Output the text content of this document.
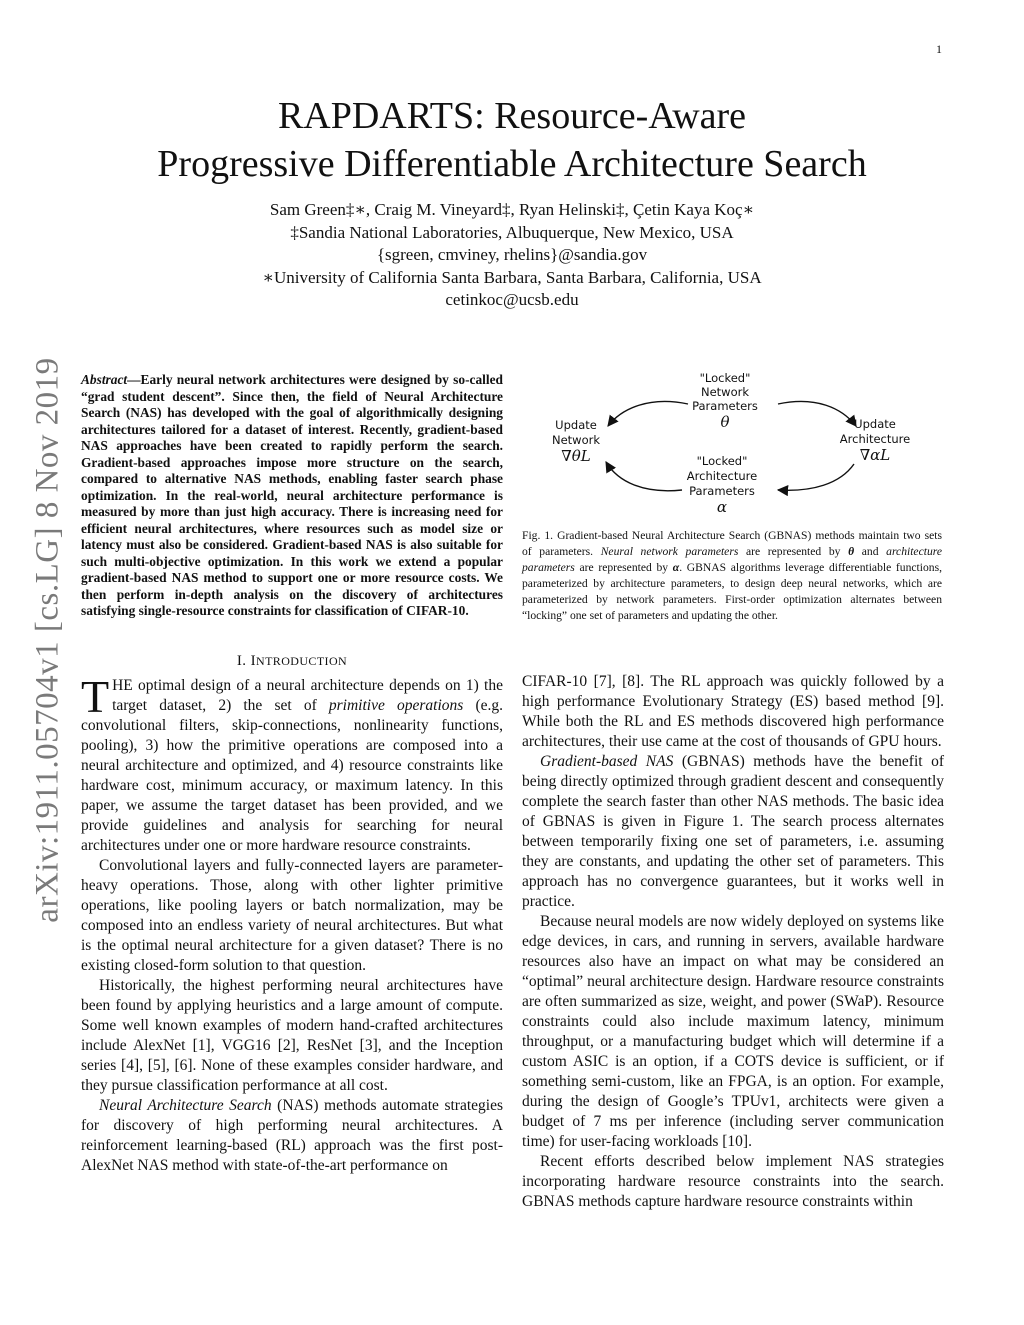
1
arXiv:1911.05704v1 [cs.LG] 8 Nov 2019
RAPDARTS: Resource-Aware
Progressive Differentiable Architecture Search
Sam Green‡∗, Craig M. Vineyard‡, Ryan Helinski‡, Çetin Kaya Koç∗
‡Sandia National Laboratories, Albuquerque, New Mexico, USA
{sgreen, cmviney, rhelins}@sandia.gov
∗University of California Santa Barbara, Santa Barbara, California, USA
cetinkoc@ucsb.edu

Abstract—Early neural network architectures were designed by so-called “grad student descent”. Since then, the field of Neural Architecture Search (NAS) has developed with the goal of algorithmically designing architectures tailored for a dataset of interest. Recently, gradient-based NAS approaches have been created to rapidly perform the search. Gradient-based approaches impose more structure on the search, compared to alternative NAS methods, enabling faster search phase optimization. In the real-world, neural architecture performance is measured by more than just high accuracy. There is increasing need for efficient neural architectures, where resources such as model size or latency must also be considered. Gradient-based NAS is also suitable for such multi-objective optimization. In this work we extend a popular gradient-based NAS method to support one or more resource costs. We then perform in-depth analysis on the discovery of architectures satisfying single-resource constraints for classification of CIFAR-10.

I. INTRODUCTION

THE optimal design of a neural architecture depends on 1) the target dataset, 2) the set of primitive operations (e.g. convolutional filters, skip-connections, nonlinearity functions, pooling), 3) how the primitive operations are composed into a neural architecture and optimized, and 4) resource constraints like hardware cost, minimum accuracy, or maximum latency. In this paper, we assume the target dataset has been provided, and we provide guidelines and analysis for searching for neural architectures under one or more hardware resource constraints.

Convolutional layers and fully-connected layers are parameter-heavy operations. Those, along with other lighter primitive operations, like pooling layers or batch normalization, may be composed into an endless variety of neural architectures. But what is the optimal neural architecture for a given dataset? There is no existing closed-form solution to that question.

Historically, the highest performing neural architectures have been found by applying heuristics and a large amount of compute. Some well known examples of modern hand-crafted architectures include AlexNet [1], VGG16 [2], ResNet [3], and the Inception series [4], [5], [6]. None of these examples consider hardware, and they pursue classification performance at all cost.

Neural Architecture Search (NAS) methods automate strategies for discovery of high performing neural architectures. A reinforcement learning-based (RL) approach was the first post-AlexNet NAS method with state-of-the-art performance on

"Locked"
Network
Parameters
θ
Update
Network
∇θL
Update
Architecture
∇αL
"Locked"
Architecture
Parameters
α

Fig. 1. Gradient-based Neural Architecture Search (GBNAS) methods maintain two sets of parameters. Neural network parameters are represented by θ and architecture parameters are represented by α. GBNAS algorithms leverage differentiable functions, parameterized by architecture parameters, to design deep neural networks, which are parameterized by network parameters. First-order optimization alternates between “locking” one set of parameters and updating the other.

CIFAR-10 [7], [8]. The RL approach was quickly followed by a high performance Evolutionary Strategy (ES) based method [9]. While both the RL and ES methods discovered high performance architectures, their use came at the cost of thousands of GPU hours.

Gradient-based NAS (GBNAS) methods have the benefit of being directly optimized through gradient descent and consequently complete the search faster than other NAS methods. The basic idea of GBNAS is given in Figure 1. The search process alternates between temporarily fixing one set of parameters, i.e. assuming they are constants, and updating the other set of parameters. This approach has no convergence guarantees, but it works well in practice.

Because neural models are now widely deployed on systems like edge devices, in cars, and running in servers, available hardware resources also have an impact on what may be considered an “optimal” neural architecture design. Hardware resource constraints are often summarized as size, weight, and power (SWaP). Resource constraints could also include maximum latency, minimum throughput, or a manufacturing budget which will determine if a custom ASIC is an option, if a COTS device is sufficient, or if something semi-custom, like an FPGA, is an option. For example, during the design of Google’s TPUv1, architects were given a budget of 7 ms per inference (including server communication time) for user-facing workloads [10].

Recent efforts described below implement NAS strategies incorporating hardware resource constraints into the search. GBNAS methods capture hardware resource constraints within
